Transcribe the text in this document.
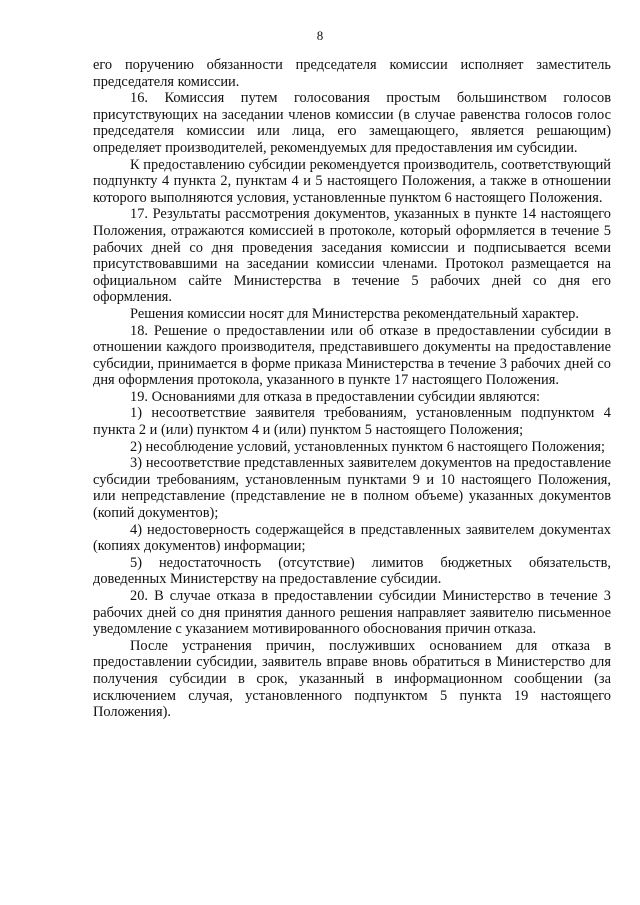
8

его поручению обязанности председателя комиссии исполняет заместитель председателя комиссии.

16. Комиссия путем голосования простым большинством голосов присутствующих на заседании членов комиссии (в случае равенства голосов голос председателя комиссии или лица, его замещающего, является решающим) определяет производителей, рекомендуемых для предоставления им субсидии.

К предоставлению субсидии рекомендуется производитель, соответствующий подпункту 4 пункта 2, пунктам 4 и 5 настоящего Положения, а также в отношении которого выполняются условия, установленные пунктом 6 настоящего Положения.

17. Результаты рассмотрения документов, указанных в пункте 14 настоящего Положения, отражаются комиссией в протоколе, который оформляется в течение 5 рабочих дней со дня проведения заседания комиссии и подписывается всеми присутствовавшими на заседании комиссии членами. Протокол размещается на официальном сайте Министерства в течение 5 рабочих дней со дня его оформления.

Решения комиссии носят для Министерства рекомендательный характер.

18. Решение о предоставлении или об отказе в предоставлении субсидии в отношении каждого производителя, представившего документы на предоставление субсидии, принимается в форме приказа Министерства в течение 3 рабочих дней со дня оформления протокола, указанного в пункте 17 настоящего Положения.

19. Основаниями для отказа в предоставлении субсидии являются:

1) несоответствие заявителя требованиям, установленным подпунктом 4 пункта 2 и (или) пунктом 4 и (или) пунктом 5 настоящего Положения;

2) несоблюдение условий, установленных пунктом 6 настоящего Положения;

3) несоответствие представленных заявителем документов на предоставление субсидии требованиям, установленным пунктами 9 и 10 настоящего Положения, или непредставление (представление не в полном объеме) указанных документов (копий документов);

4) недостоверность содержащейся в представленных заявителем документах (копиях документов) информации;

5) недостаточность (отсутствие) лимитов бюджетных обязательств, доведенных Министерству на предоставление субсидии.

20. В случае отказа в предоставлении субсидии Министерство в течение 3 рабочих дней со дня принятия данного решения направляет заявителю письменное уведомление с указанием мотивированного обоснования причин отказа.

После устранения причин, послуживших основанием для отказа в предоставлении субсидии, заявитель вправе вновь обратиться в Министерство для получения субсидии в срок, указанный в информационном сообщении (за исключением случая, установленного подпунктом 5 пункта 19 настоящего Положения).
